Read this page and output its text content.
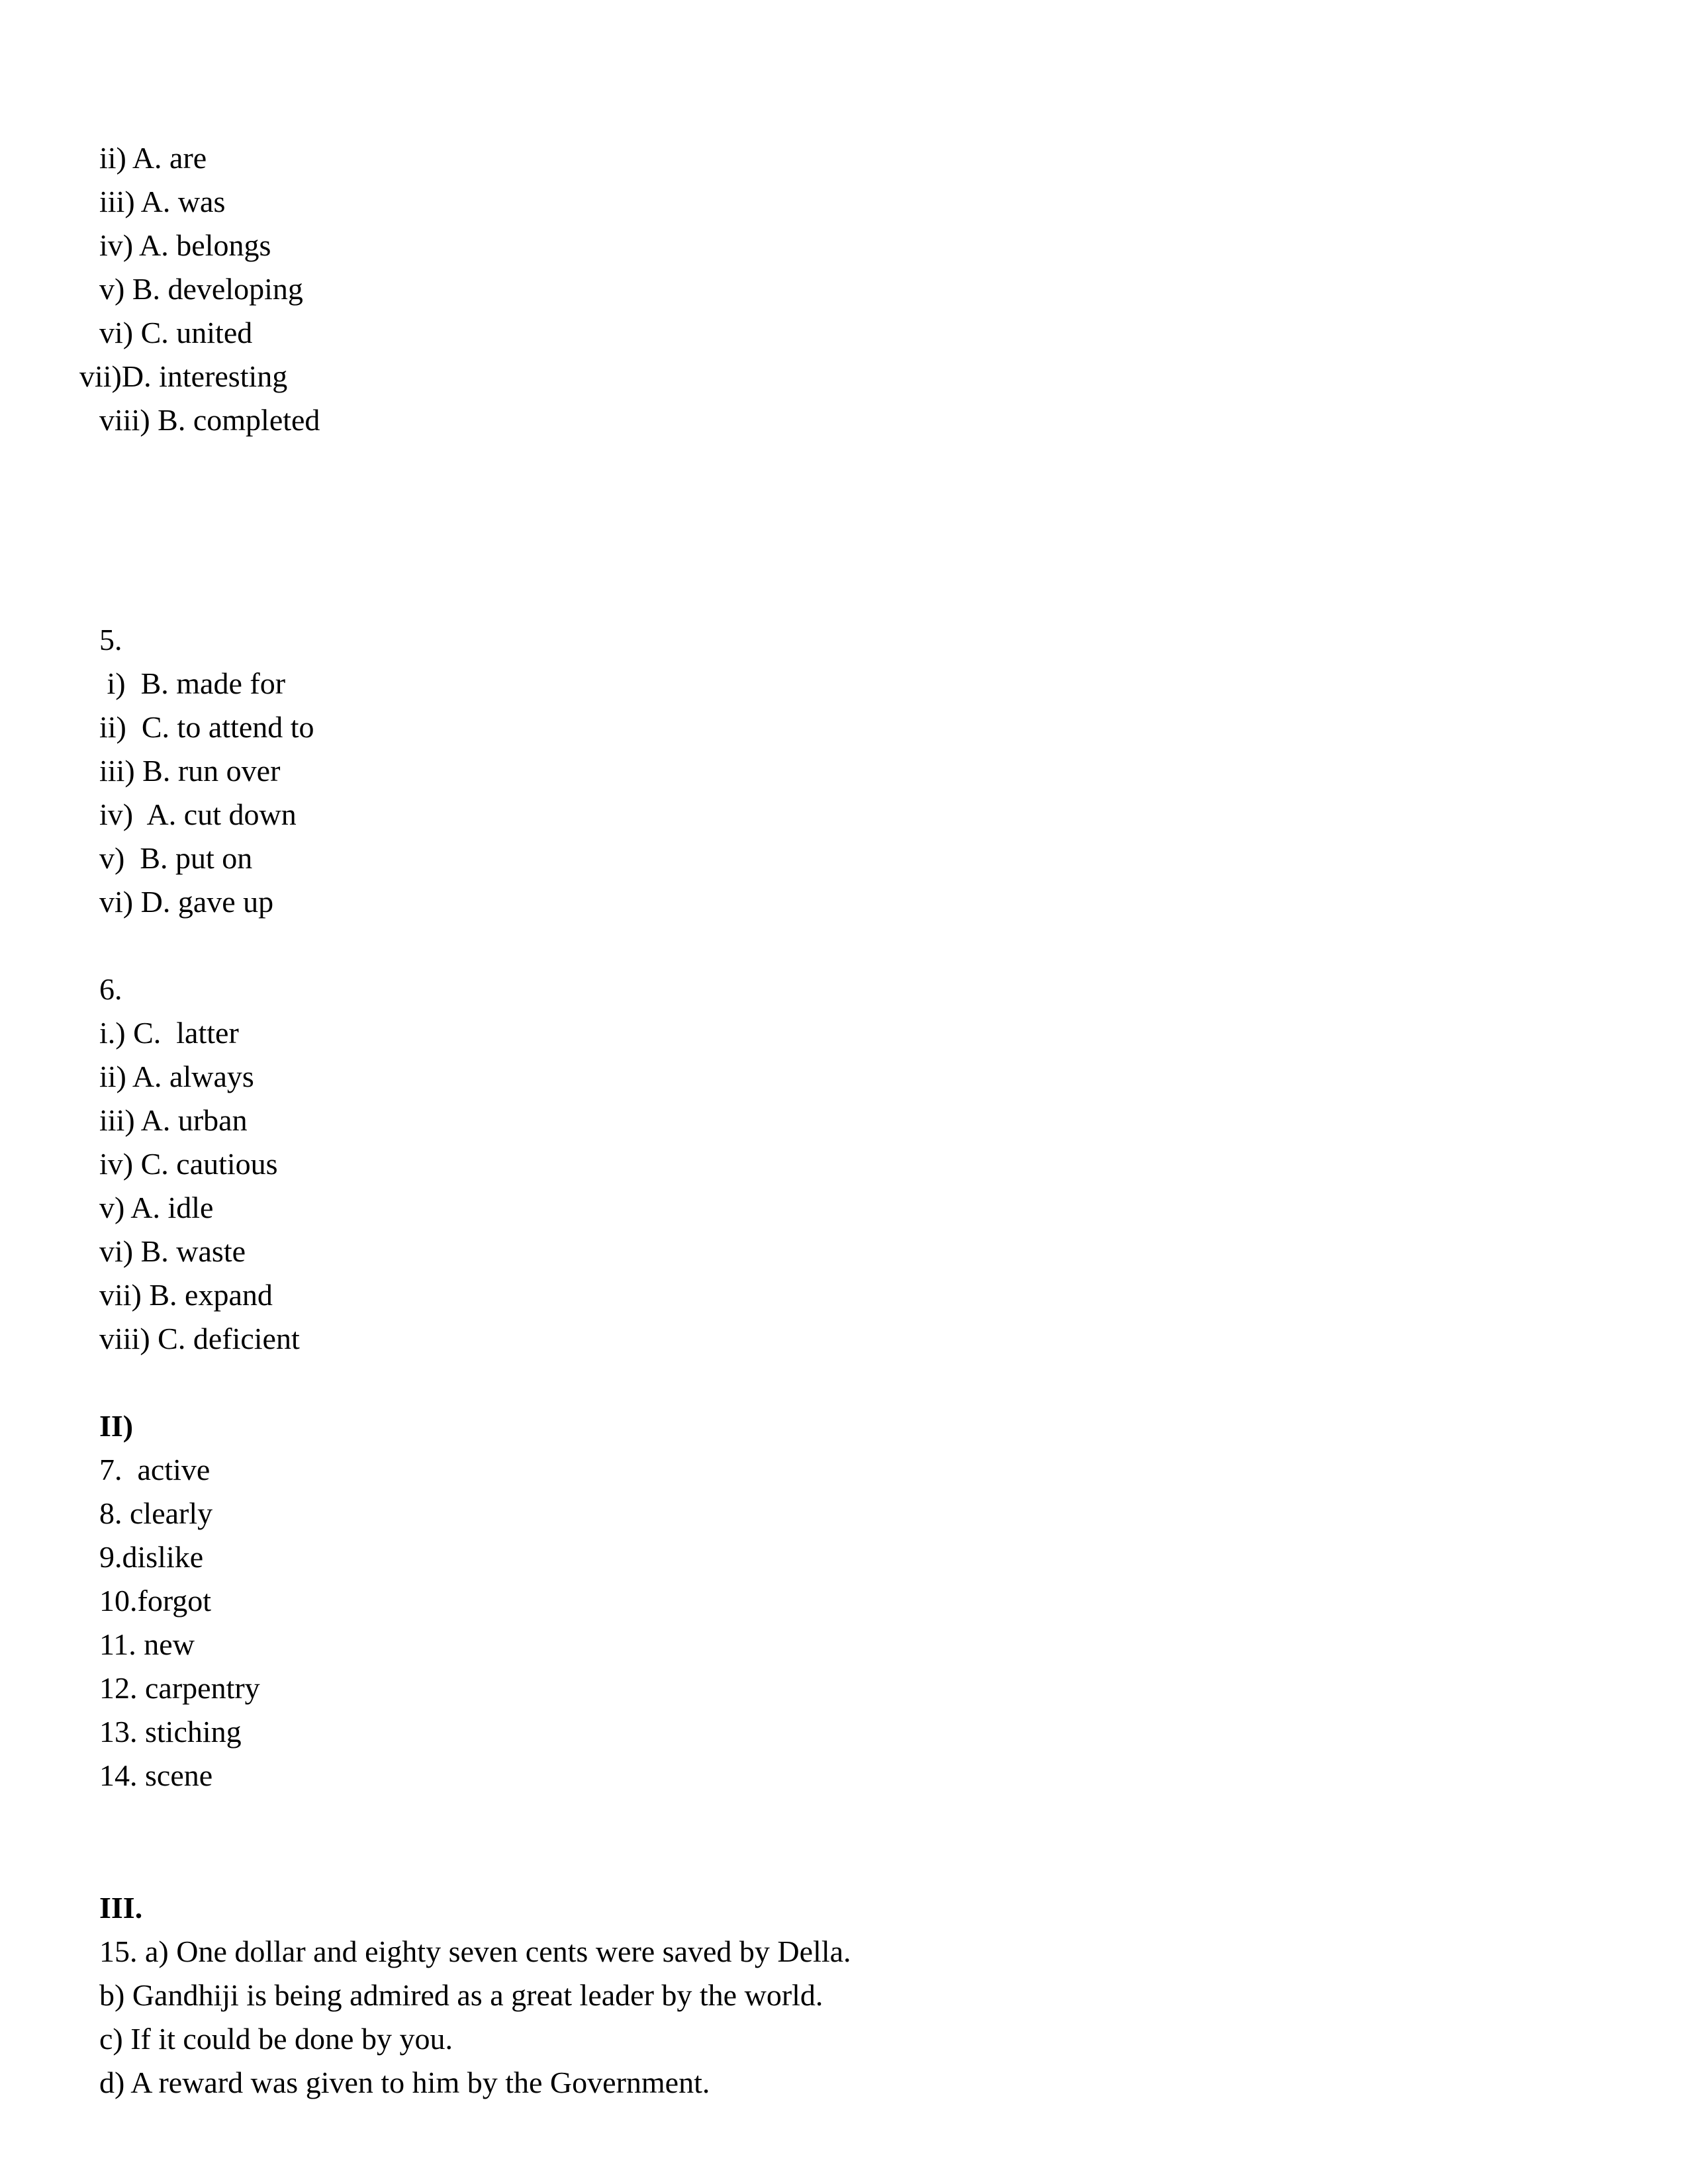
ii) A. are
iii) A. was
iv) A. belongs
v) B. developing
vi) C. united
vii)D. interesting
viii) B. completed
5.
i)  B. made for
ii)  C. to attend to
iii) B. run over
iv)  A. cut down
v)  B. put on
vi) D. gave up
6.
i.) C.  latter
ii) A. always
iii) A. urban
iv) C. cautious
v) A. idle
vi) B. waste
vii) B. expand
viii) C. deficient
II)
7.  active
8. clearly
9.dislike
10.forgot
11. new
12. carpentry
13. stiching
14. scene
III.
15. a) One dollar and eighty seven cents were saved by Della.
b) Gandhiji is being admired as a great leader by the world.
c) If it could be done by you.
d) A reward was given to him by the Government.
